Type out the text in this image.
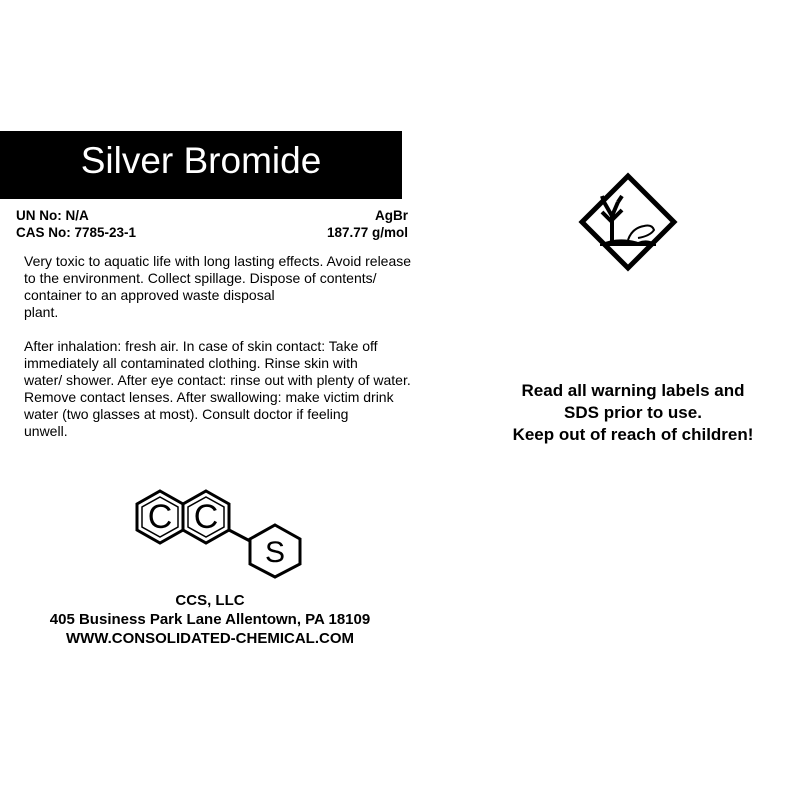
Silver Bromide
UN No: N/A
CAS No: 7785-23-1
AgBr
187.77 g/mol
Very toxic to aquatic life with long lasting effects. Avoid release
to the environment. Collect spillage. Dispose of contents/
container to an approved waste disposal
plant.
After inhalation: fresh air. In case of skin contact: Take off
immediately all contaminated clothing. Rinse skin with
water/ shower. After eye contact: rinse out with plenty of water.
Remove contact lenses. After swallowing: make victim drink
water (two glasses at most). Consult doctor if feeling
unwell.
Read all warning labels and
SDS prior to use.
Keep out of reach of children!
C C
S
CCS, LLC
405 Business Park Lane Allentown, PA 18109
WWW.CONSOLIDATED-CHEMICAL.COM
